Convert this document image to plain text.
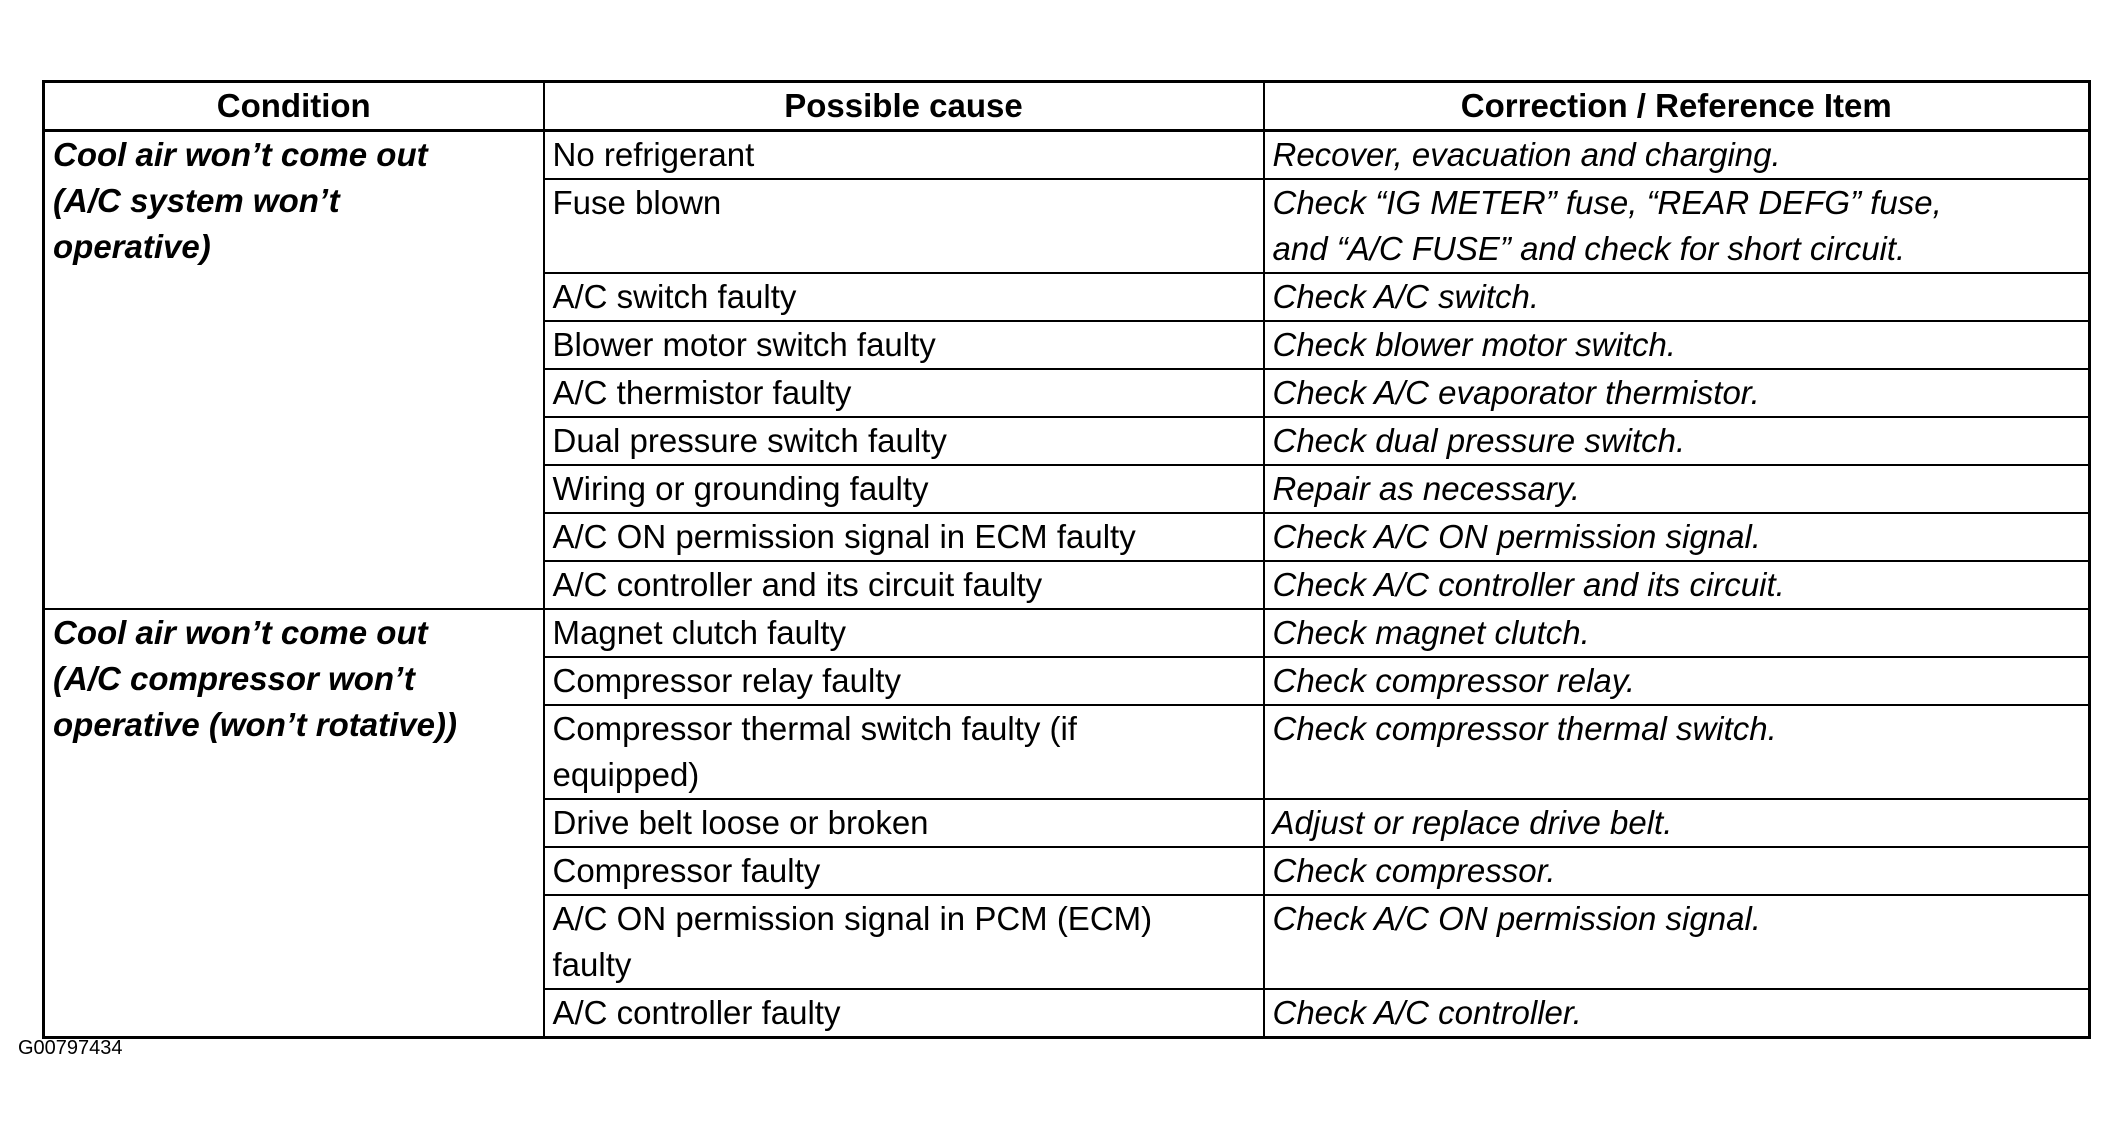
Condition	Possible cause	Correction / Reference Item

Cool air won’t come out
(A/C system won’t
operative)	No refrigerant	Recover, evacuation and charging.
	Fuse blown	Check “IG METER” fuse, “REAR DEFG” fuse,
and “A/C FUSE” and check for short circuit.

	A/C switch faulty	Check A/C switch.
	Blower motor switch faulty	Check blower motor switch.
	A/C thermistor faulty	Check A/C evaporator thermistor.
	Dual pressure switch faulty	Check dual pressure switch.
	Wiring or grounding faulty	Repair as necessary.
	A/C ON permission signal in ECM faulty	Check A/C ON permission signal.
	A/C controller and its circuit faulty	Check A/C controller and its circuit.

Cool air won’t come out
(A/C compressor won’t
operative (won’t rotative))	Magnet clutch faulty	Check magnet clutch.
	Compressor relay faulty	Check compressor relay.

	Compressor thermal switch faulty (if
equipped)	Check compressor thermal switch.
	Drive belt loose or broken	Adjust or replace drive belt.
	Compressor faulty	Check compressor.

	A/C ON permission signal in PCM (ECM)
faulty	Check A/C ON permission signal.
	A/C controller faulty	Check A/C controller.
G00797434
